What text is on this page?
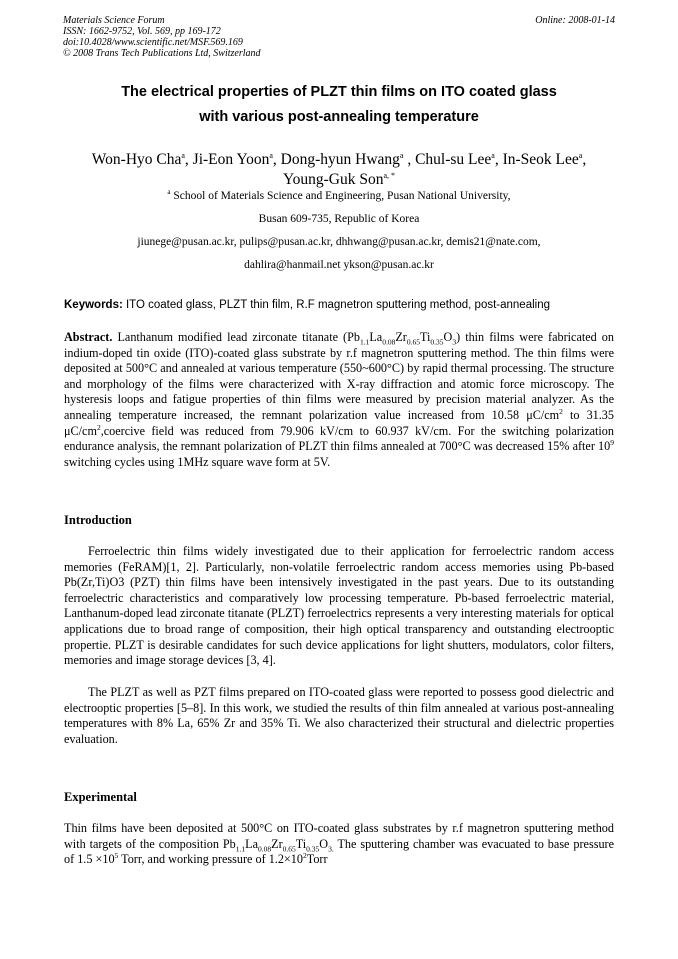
Materials Science Forum
ISSN: 1662-9752, Vol. 569, pp 169-172
doi:10.4028/www.scientific.net/MSF.569.169
© 2008 Trans Tech Publications Ltd, Switzerland
Online: 2008-01-14
The electrical properties of PLZT thin films on ITO coated glass
with various post-annealing temperature
Won-Hyo Cha$^a$, Ji-Eon Yoon$^a$, Dong-hyun Hwang$^a$ , Chul-su Lee$^a$, In-Seok Lee$^a$,
Young-Guk Son$^{a, *}$
$^a$ School of Materials Science and Engineering, Pusan National University,
Busan 609-735, Republic of Korea
jiunege@pusan.ac.kr, pulips@pusan.ac.kr, dhhwang@pusan.ac.kr, demis21@nate.com,
dahlira@hanmail.net ykson@pusan.ac.kr
Keywords: ITO coated glass, PLZT thin film, R.F magnetron sputtering method, post-annealing
Abstract. Lanthanum modified lead zirconate titanate $(Pb_{1.1}La_{0.08}Zr_{0.65}Ti_{0.35}O_3)$ thin films were fabricated on indium-doped tin oxide (ITO)-coated glass substrate by r.f magnetron sputtering method. The thin films were deposited at 500°C and annealed at various temperature (550~600°C) by rapid thermal processing. The structure and morphology of the films were characterized with X-ray diffraction and atomic force microscopy. The hysteresis loops and fatigue properties of thin films were measured by precision material analyzer. As the annealing temperature increased, the remnant polarization value increased from 10.58 $\mu C/cm^2$ to 31.35 $\mu C/cm^2,coercive$ field was reduced from 79.906 kV/cm to 60.937 kV/cm. For the switching polarization endurance analysis, the remnant polarization of PLZT thin films annealed at 700°C was decreased 15% after $10^9$ switching cycles using 1MHz square wave form at 5V.
Introduction
Ferroelectric thin films widely investigated due to their application for ferroelectric random access memories (FeRAM)[1, 2]. Particularly, non-volatile ferroelectric random access memories using Pb-based Pb(Zr,Ti)O3 (PZT) thin films have been intensively investigated in the past years. Due to its outstanding ferroelectric characteristics and comparatively low processing temperature. Pb-based ferroelectric material, Lanthanum-doped lead zirconate titanate (PLZT) ferroelectrics represents a very interesting materials for optical applications due to broad range of composition, their high optical transparency and outstanding electrooptic propertie. PLZT is desirable candidates for such device applications for light shutters, modulators, color filters, memories and image storage devices [3, 4].
The PLZT as well as PZT films prepared on ITO-coated glass were reported to possess good dielectric and electrooptic properties [5–8]. In this work, we studied the results of thin film annealed at various post-annealing temperatures with 8% La, 65% Zr and 35% Ti. We also characterized their structural and dielectric properties evaluation.
Experimental
Thin films have been deposited at 500°C on ITO-coated glass substrates by r.f magnetron sputtering method with targets of the composition $Pb_{1.1}La_{0.08}Zr_{0.65}Ti_{0.35}O_{3.}$ The sputtering chamber was evacuated to base pressure of $1.5 \times 10^5$ Torr, and working pressure of $1.2\times 10^2Torr$
